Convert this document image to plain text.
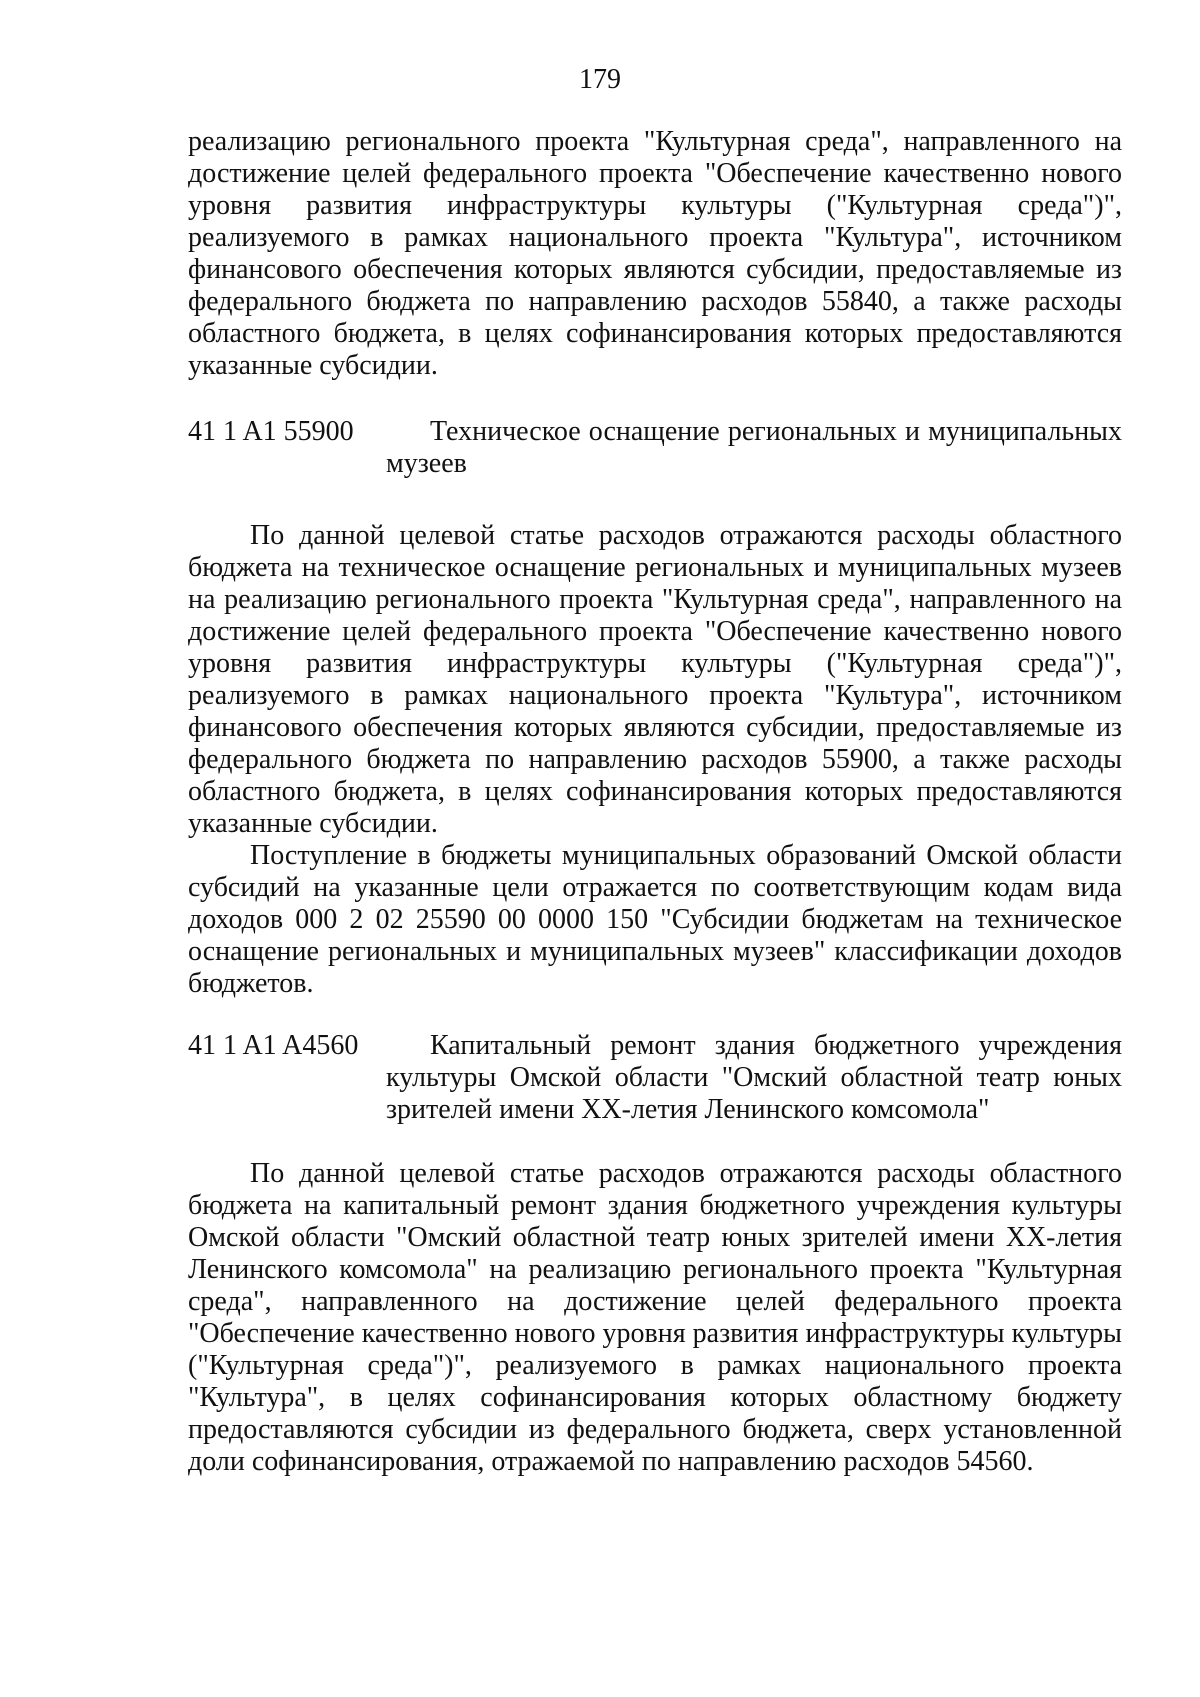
179

реализацию регионального проекта "Культурная среда", направленного на достижение целей федерального проекта "Обеспечение качественно нового уровня развития инфраструктуры культуры ("Культурная среда")", реализуемого в рамках национального проекта "Культура", источником финансового обеспечения которых являются субсидии, предоставляемые из федерального бюджета по направлению расходов 55840, а также расходы областного бюджета, в целях софинансирования которых предоставляются указанные субсидии.

41 1 A1 55900	Техническое оснащение региональных и муниципальных музеев

По данной целевой статье расходов отражаются расходы областного бюджета на техническое оснащение региональных и муниципальных музеев на реализацию регионального проекта "Культурная среда", направленного на достижение целей федерального проекта "Обеспечение качественно нового уровня развития инфраструктуры культуры ("Культурная среда")", реализуемого в рамках национального проекта "Культура", источником финансового обеспечения которых являются субсидии, предоставляемые из федерального бюджета по направлению расходов 55900, а также расходы областного бюджета, в целях софинансирования которых предоставляются указанные субсидии.

Поступление в бюджеты муниципальных образований Омской области субсидий на указанные цели отражается по соответствующим кодам вида доходов 000 2 02 25590 00 0000 150 "Субсидии бюджетам на техническое оснащение региональных и муниципальных музеев" классификации доходов бюджетов.

41 1 A1 A4560	Капитальный ремонт здания бюджетного учреждения культуры Омской области "Омский областной театр юных зрителей имени XX-летия Ленинского комсомола"

По данной целевой статье расходов отражаются расходы областного бюджета на капитальный ремонт здания бюджетного учреждения культуры Омской области "Омский областной театр юных зрителей имени XX-летия Ленинского комсомола" на реализацию регионального проекта "Культурная среда", направленного на достижение целей федерального проекта "Обеспечение качественно нового уровня развития инфраструктуры культуры ("Культурная среда")", реализуемого в рамках национального проекта "Культура", в целях софинансирования которых областному бюджету предоставляются субсидии из федерального бюджета, сверх установленной доли софинансирования, отражаемой по направлению расходов 54560.
